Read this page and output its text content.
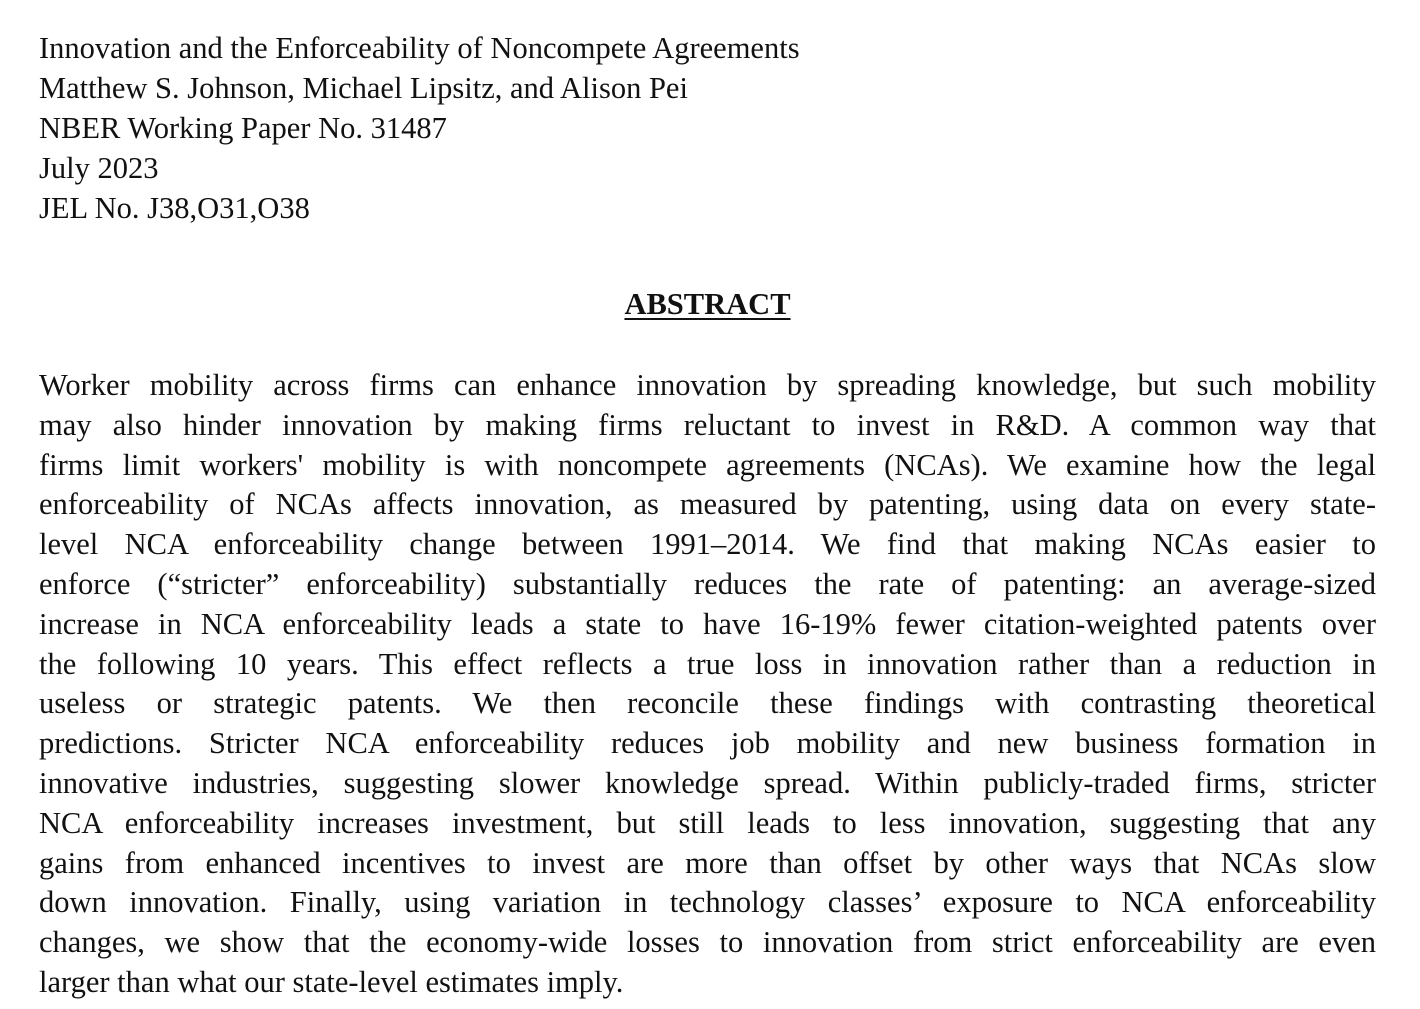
Innovation and the Enforceability of Noncompete Agreements
Matthew S. Johnson, Michael Lipsitz, and Alison Pei
NBER Working Paper No. 31487
July 2023
JEL No. J38,O31,O38
ABSTRACT
Worker mobility across firms can enhance innovation by spreading knowledge, but such mobility
may also hinder innovation by making firms reluctant to invest in R&D. A common way that
firms limit workers' mobility is with noncompete agreements (NCAs). We examine how the legal
enforceability of NCAs affects innovation, as measured by patenting, using data on every state-
level NCA enforceability change between 1991–2014. We find that making NCAs easier to
enforce (“stricter” enforceability) substantially reduces the rate of patenting: an average-sized
increase in NCA enforceability leads a state to have 16-19% fewer citation-weighted patents over
the following 10 years. This effect reflects a true loss in innovation rather than a reduction in
useless or strategic patents. We then reconcile these findings with contrasting theoretical
predictions. Stricter NCA enforceability reduces job mobility and new business formation in
innovative industries, suggesting slower knowledge spread. Within publicly-traded firms, stricter
NCA enforceability increases investment, but still leads to less innovation, suggesting that any
gains from enhanced incentives to invest are more than offset by other ways that NCAs slow
down innovation. Finally, using variation in technology classes’ exposure to NCA enforceability
changes, we show that the economy-wide losses to innovation from strict enforceability are even
larger than what our state-level estimates imply.
